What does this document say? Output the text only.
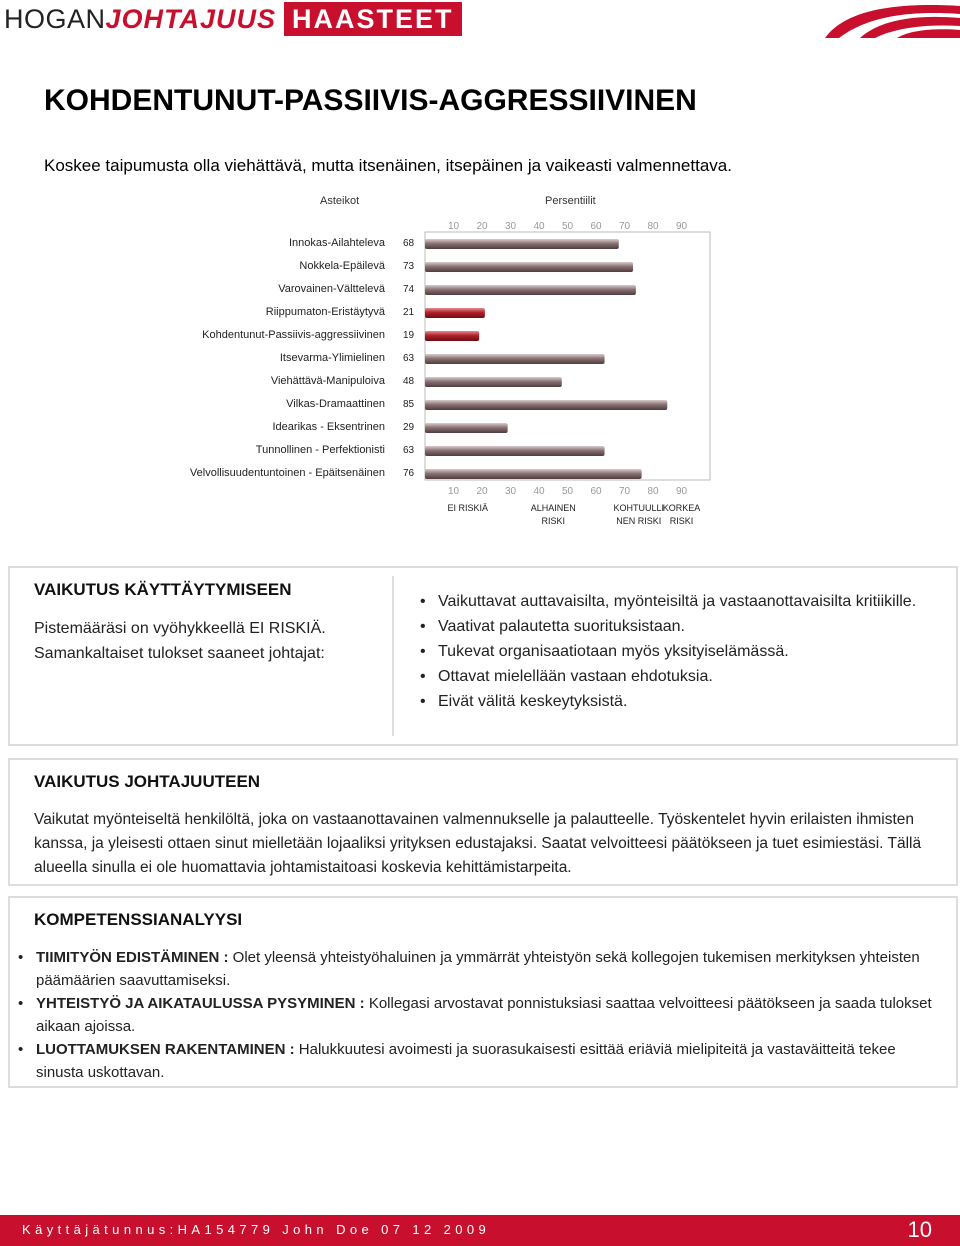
HOGANJOHTAJUUS HAASTEET
KOHDENTUNUT-PASSIIVIS-AGGRESSIIVINEN
Koskee taipumusta olla viehättävä, mutta itsenäinen, itsepäinen ja vaikeasti valmennettava.
Asteikot	Persentiilit
10
10
20
20
30
30
40
40
50
50
60
60
70
70
80
80
90
90
Innokas-Ailahteleva 68
Nokkela-Epäilevä 73
Varovainen-Välttelevä 74
Riippumaton-Eristäytyvä 21
Kohdentunut-Passiivis-aggressiivinen 19
Itsevarma-Ylimielinen 63
Viehättävä-Manipuloiva 48
Vilkas-Dramaattinen 85
Idearikas - Eksentrinen 29
Tunnollinen - Perfektionisti 63
Velvollisuudentuntoinen - Epäitsenäinen 76
EI RISKIÄ	ALHAINEN RISKI
KOHTUULLI NEN RISKI
KORKEA RISKI
VAIKUTUS KÄYTTÄYTYMISEEN
Pistemääräsi on vyöhykkeellä EI RISKIÄ. Samankaltaiset tulokset saaneet johtajat:
• Vaikuttavat auttavaisilta, myönteisiltä ja vastaanottavaisilta kritiikille.
• Vaativat palautetta suorituksistaan.
• Tukevat organisaatiotaan myös yksityiselämässä.
• Ottavat mielellään vastaan ehdotuksia.
• Eivät välitä keskeytyksistä.
VAIKUTUS JOHTAJUUTEEN
Vaikutat myönteiseltä henkilöltä, joka on vastaanottavainen valmennukselle ja palautteelle. Työskentelet hyvin erilaisten ihmisten kanssa, ja yleisesti ottaen sinut mielletään lojaaliksi yrityksen edustajaksi. Saatat velvoitteesi päätökseen ja tuet esimiestäsi. Tällä alueella sinulla ei ole huomattavia johtamistaitoasi koskevia kehittämistarpeita.
KOMPETENSSIANALYYSI
• TIIMITYÖN EDISTÄMINEN : Olet yleensä yhteistyöhaluinen ja ymmärrät yhteistyön sekä kollegojen tukemisen merkityksen yhteisten päämäärien saavuttamiseksi.
• YHTEISTYÖ JA AIKATAULUSSA PYSYMINEN : Kollegasi arvostavat ponnistuksiasi saattaa velvoitteesi päätökseen ja saada tulokset aikaan ajoissa.
• LUOTTAMUKSEN RAKENTAMINEN : Halukkuutesi avoimesti ja suorasukaisesti esittää eriäviä mielipiteitä ja vastaväitteitä tekee sinusta uskottavan.
Käyttäjätunnus:HA154779 John Doe 07 12 2009	10
